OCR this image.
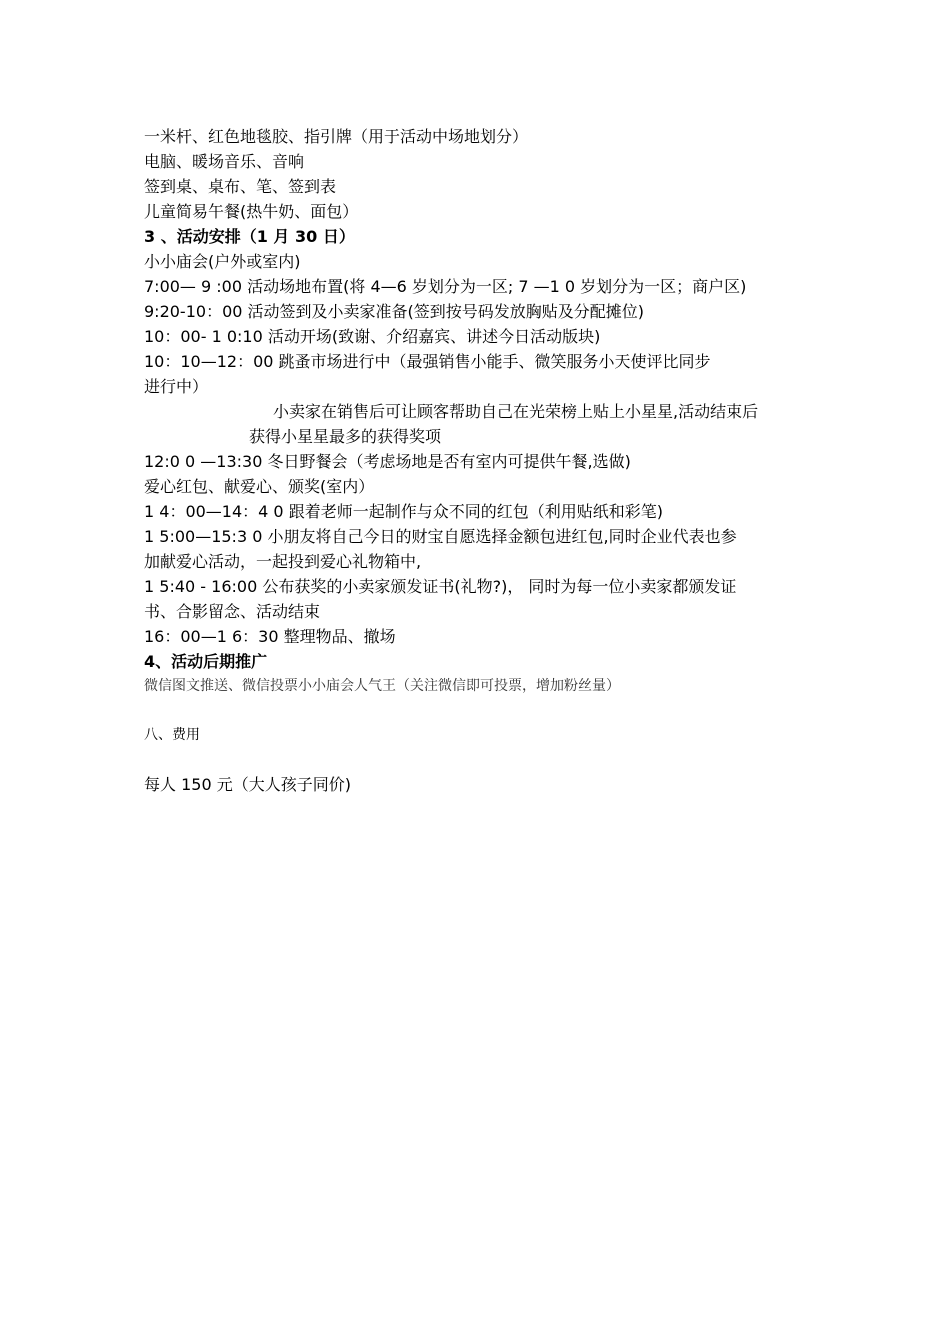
一米杆、红色地毯胶、指引牌（用于活动中场地划分）
电脑、暖场音乐、音响
签到桌、桌布、笔、签到表
儿童简易午餐(热牛奶、面包）
3 、活动安排（1 月 30 日）
小小庙会(户外或室内)
7:00— 9 :00 活动场地布置(将 4—6 岁划分为一区; 7 —1 0 岁划分为一区；商户区)
9:20-10：00 活动签到及小卖家准备(签到按号码发放胸贴及分配摊位)
10：00- 1 0:10 活动开场(致谢、介绍嘉宾、讲述今日活动版块)
10：10—12：00 跳蚤市场进行中（最强销售小能手、微笑服务小天使评比同步
进行中）
小卖家在销售后可让顾客帮助自己在光荣榜上贴上小星星,活动结束后
获得小星星最多的获得奖项
12:0 0 —13:30 冬日野餐会（考虑场地是否有室内可提供午餐,选做)
爱心红包、献爱心、颁奖(室内）
1 4：00—14：4 0 跟着老师一起制作与众不同的红包（利用贴纸和彩笔)
1 5:00—15:3 0 小朋友将自己今日的财宝自愿选择金额包进红包,同时企业代表也参
加献爱心活动，一起投到爱心礼物箱中,
1 5:40 - 16:00 公布获奖的小卖家颁发证书(礼物?)， 同时为每一位小卖家都颁发证
书、合影留念、活动结束
16：00—1 6：30 整理物品、撤场
4、活动后期推广
微信图文推送、微信投票小小庙会人气王（关注微信即可投票，增加粉丝量）
八、费用
每人 150 元（大人孩子同价)
